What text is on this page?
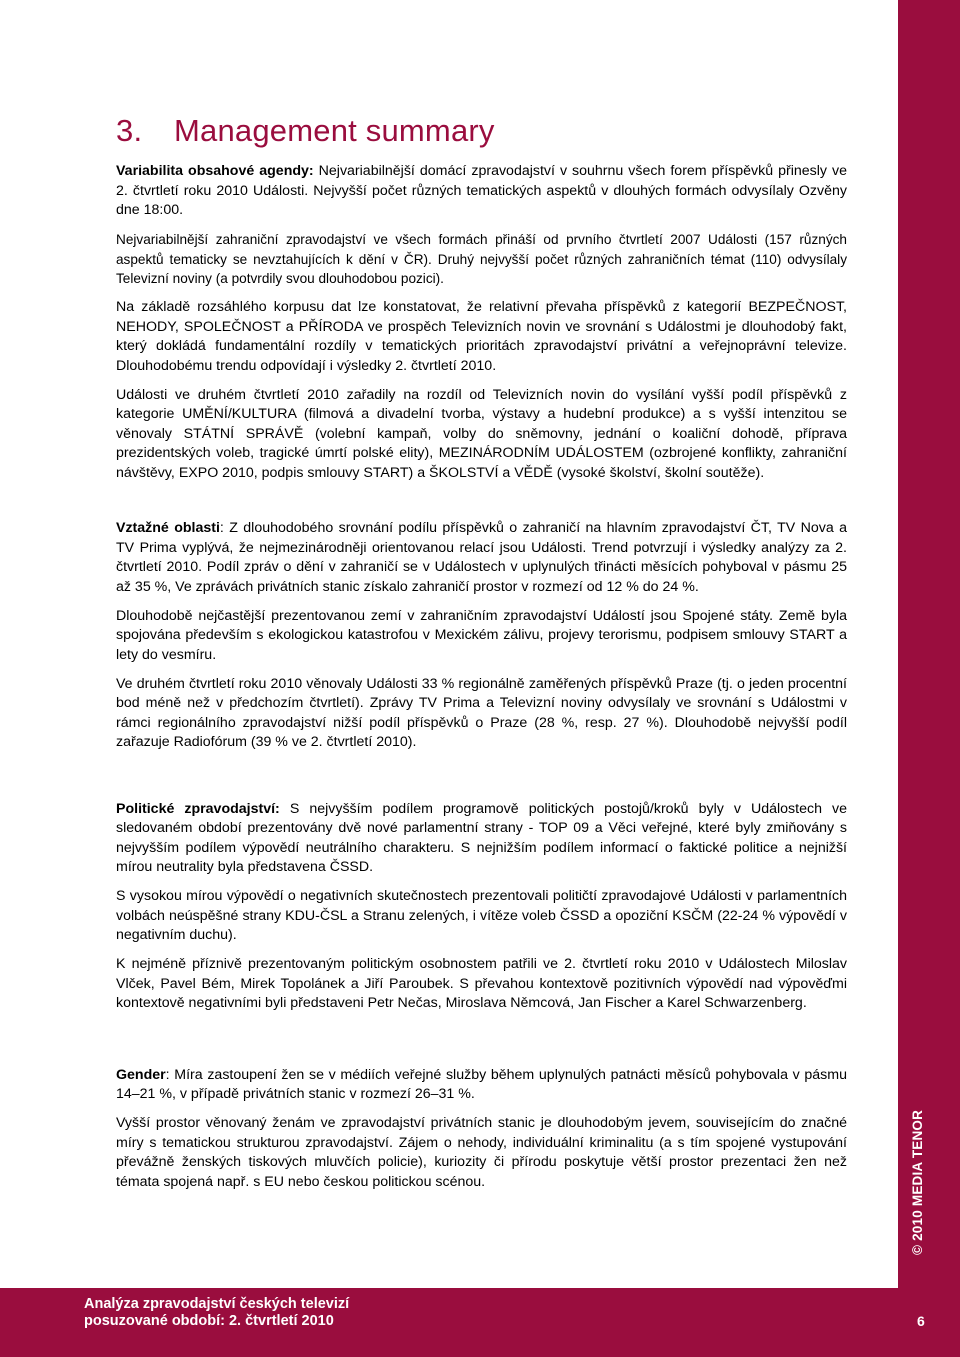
© 2010 MEDIA TENOR
3. Management summary

Variabilita obsahové agendy: Nejvariabilnější domácí zpravodajství v souhrnu všech forem příspěvků přinesly ve 2. čtvrtletí roku 2010 Události. Nejvyšší počet různých tematických aspektů v dlouhých formách odvysílaly Ozvěny dne 18:00.

Nejvariabilnější zahraniční zpravodajství ve všech formách přináší od prvního čtvrtletí 2007 Události (157 různých aspektů tematicky se nevztahujících k dění v ČR). Druhý nejvyšší počet různých zahraničních témat (110) odvysílaly Televizní noviny (a potvrdily svou dlouhodobou pozici).

Na základě rozsáhlého korpusu dat lze konstatovat, že relativní převaha příspěvků z kategorií BEZPEČNOST, NEHODY, SPOLEČNOST a PŘÍRODA ve prospěch Televizních novin ve srovnání s Událostmi je dlouhodobý fakt, který dokládá fundamentální rozdíly v tematických prioritách zpravodajství privátní a veřejnoprávní televize. Dlouhodobému trendu odpovídají i výsledky 2. čtvrtletí 2010.

Události ve druhém čtvrtletí 2010 zařadily na rozdíl od Televizních novin do vysílání vyšší podíl příspěvků z kategorie UMĚNÍ/KULTURA (filmová a divadelní tvorba, výstavy a hudební produkce) a s vyšší intenzitou se věnovaly STÁTNÍ SPRÁVĚ (volební kampaň, volby do sněmovny, jednání o koaliční dohodě, příprava prezidentských voleb, tragické úmrtí polské elity), MEZINÁRODNÍM UDÁLOSTEM (ozbrojené konflikty, zahraniční návštěvy, EXPO 2010, podpis smlouvy START) a ŠKOLSTVÍ a VĚDĚ (vysoké školství, školní soutěže).

Vztažné oblasti: Z dlouhodobého srovnání podílu příspěvků o zahraničí na hlavním zpravodajství ČT, TV Nova a TV Prima vyplývá, že nejmezinárodněji orientovanou relací jsou Události. Trend potvrzují i výsledky analýzy za 2. čtvrtletí 2010. Podíl zpráv o dění v zahraničí se v Událostech v uplynulých třinácti měsících pohyboval v pásmu 25 až 35 %, Ve zprávách privátních stanic získalo zahraničí prostor v rozmezí od 12 % do 24 %.

Dlouhodobě nejčastější prezentovanou zemí v zahraničním zpravodajství Událostí jsou Spojené státy. Země byla spojována především s ekologickou katastrofou v Mexickém zálivu, projevy terorismu, podpisem smlouvy START a lety do vesmíru.

Ve druhém čtvrtletí roku 2010 věnovaly Události 33 % regionálně zaměřených příspěvků Praze (tj. o jeden procentní bod méně než v předchozím čtvrtletí). Zprávy TV Prima a Televizní noviny odvysílaly ve srovnání s Událostmi v rámci regionálního zpravodajství nižší podíl příspěvků o Praze (28 %, resp. 27 %). Dlouhodobě nejvyšší podíl zařazuje Radiofórum (39 % ve 2. čtvrtletí 2010).

Politické zpravodajství: S nejvyšším podílem programově politických postojů/kroků byly v Událostech ve sledovaném období prezentovány dvě nové parlamentní strany - TOP 09 a Věci veřejné, které byly zmiňovány s nejvyšším podílem výpovědí neutrálního charakteru. S nejnižším podílem informací o faktické politice a nejnižší mírou neutrality byla představena ČSSD.

S vysokou mírou výpovědí o negativních skutečnostech prezentovali političtí zpravodajové Události v parlamentních volbách neúspěšné strany KDU-ČSL a Stranu zelených, i vítěze voleb ČSSD a opoziční KSČM (22-24 % výpovědí v negativním duchu).

K nejméně příznivě prezentovaným politickým osobnostem patřili ve 2. čtvrtletí roku 2010 v Událostech Miloslav Vlček, Pavel Bém, Mirek Topolánek a Jiří Paroubek. S převahou kontextově pozitivních výpovědí nad výpověďmi kontextově negativními byli představeni Petr Nečas, Miroslava Němcová, Jan Fischer a Karel Schwarzenberg.

Gender: Míra zastoupení žen se v médiích veřejné služby během uplynulých patnácti měsíců pohybovala v pásmu 14–21 %, v případě privátních stanic v rozmezí 26–31 %.

Vyšší prostor věnovaný ženám ve zpravodajství privátních stanic je dlouhodobým jevem, souvisejícím do značné míry s tematickou strukturou zpravodajství. Zájem o nehody, individuální kriminalitu (a s tím spojené vystupování převážně ženských tiskových mluvčích policie), kuriozity či přírodu poskytuje větší prostor prezentaci žen než témata spojená např. s EU nebo českou politickou scénou.

Analýza zpravodajství českých televizí
posuzované období: 2. čtvrtletí 2010	6
